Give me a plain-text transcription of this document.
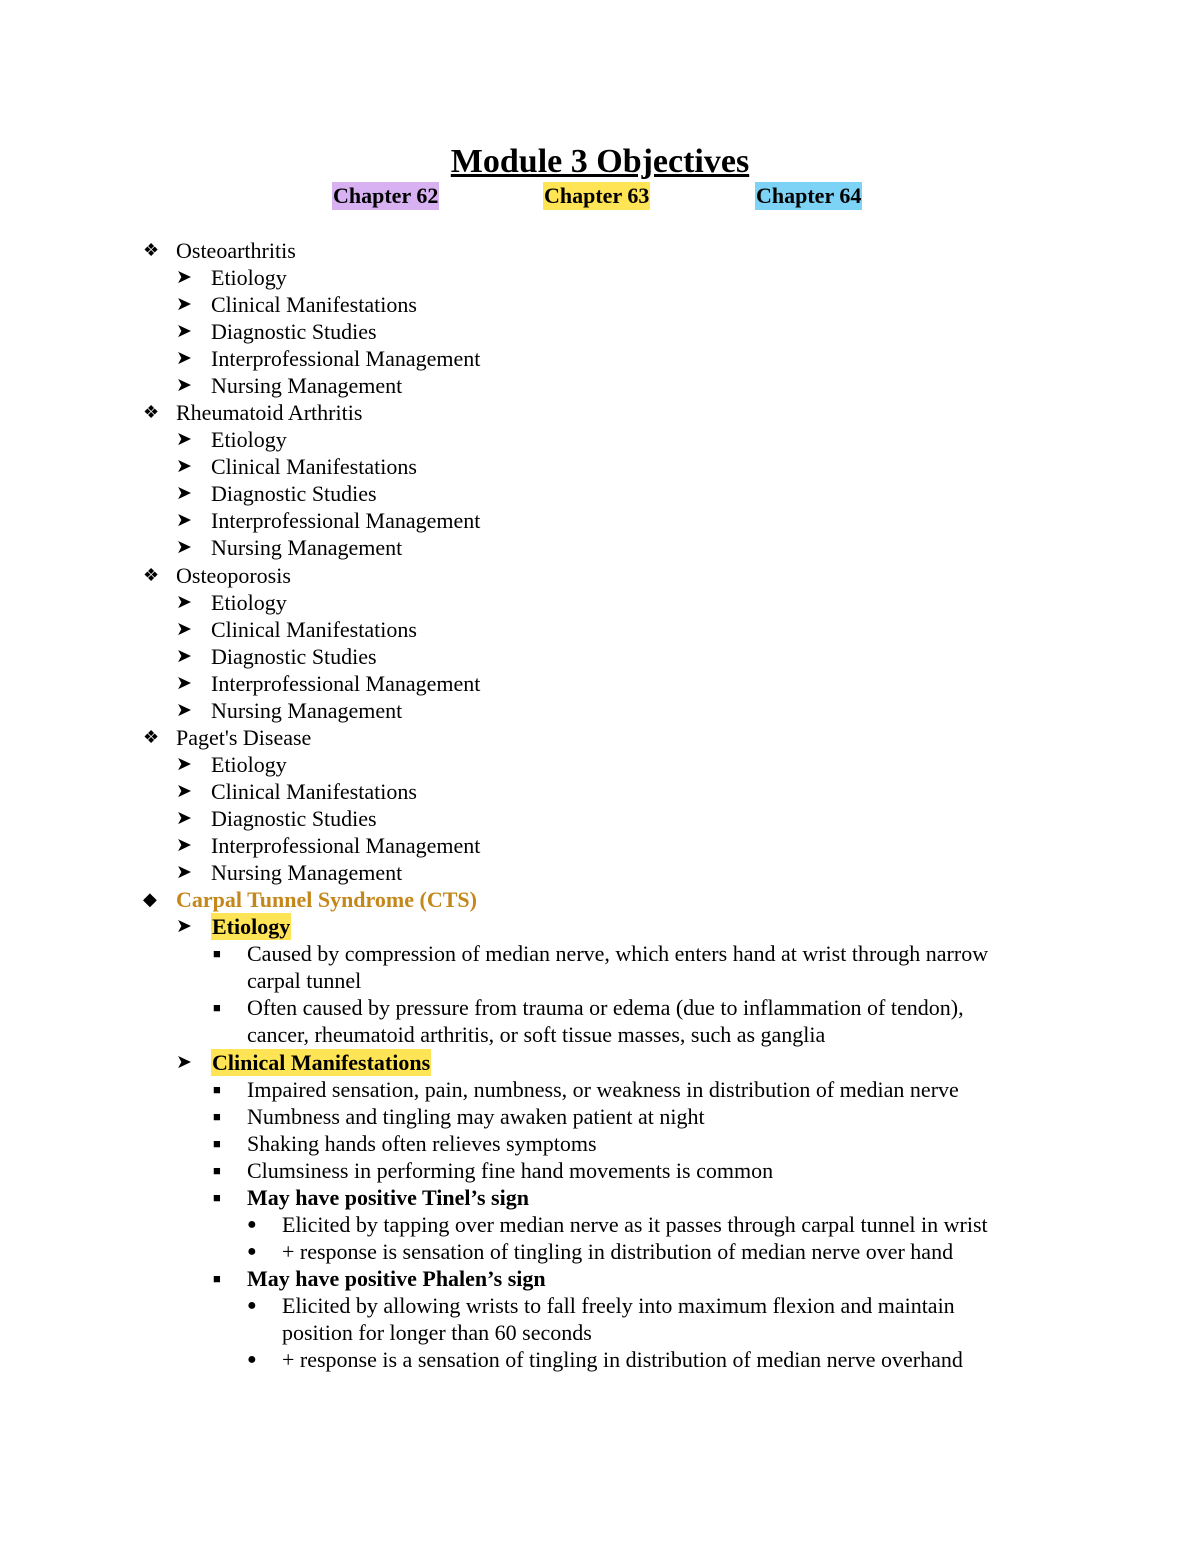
Module 3 Objectives
Chapter 62	Chapter 63	Chapter 64
❖ Osteoarthritis
➤ Etiology
➤ Clinical Manifestations
➤ Diagnostic Studies
➤ Interprofessional Management
➤ Nursing Management
❖ Rheumatoid Arthritis
➤ Etiology
➤ Clinical Manifestations
➤ Diagnostic Studies
➤ Interprofessional Management
➤ Nursing Management
❖ Osteoporosis
➤ Etiology
➤ Clinical Manifestations
➤ Diagnostic Studies
➤ Interprofessional Management
➤ Nursing Management
❖ Paget's Disease
➤ Etiology
➤ Clinical Manifestations
➤ Diagnostic Studies
➤ Interprofessional Management
➤ Nursing Management
◆ Carpal Tunnel Syndrome (CTS)
➤ Etiology
■ Caused by compression of median nerve, which enters hand at wrist through narrow
carpal tunnel
■ Often caused by pressure from trauma or edema (due to inflammation of tendon),
cancer, rheumatoid arthritis, or soft tissue masses, such as ganglia
➤ Clinical Manifestations
■ Impaired sensation, pain, numbness, or weakness in distribution of median nerve
■ Numbness and tingling may awaken patient at night
■ Shaking hands often relieves symptoms
■ Clumsiness in performing fine hand movements is common
■ May have positive Tinel’s sign
● Elicited by tapping over median nerve as it passes through carpal tunnel in wrist
● + response is sensation of tingling in distribution of median nerve over hand
■ May have positive Phalen’s sign
● Elicited by allowing wrists to fall freely into maximum flexion and maintain
position for longer than 60 seconds
● + response is a sensation of tingling in distribution of median nerve overhand
